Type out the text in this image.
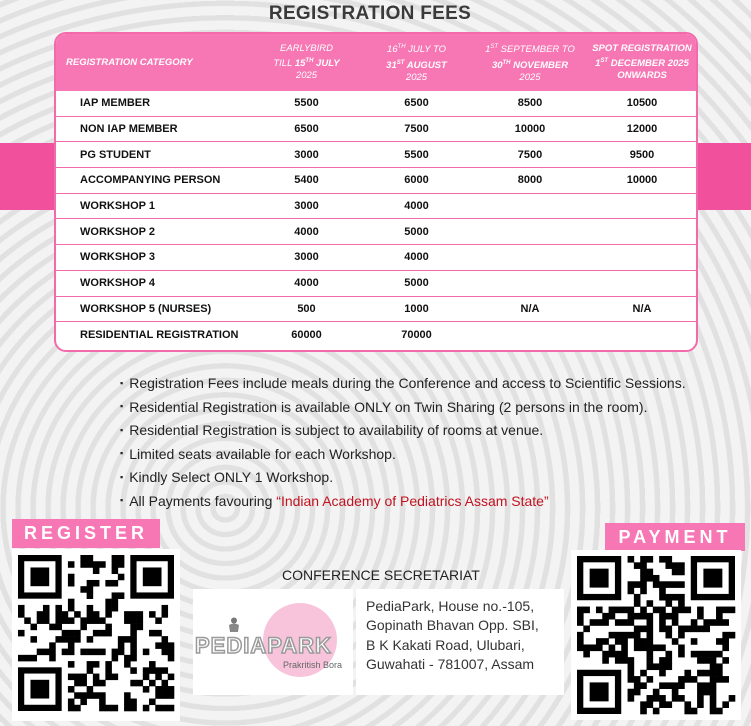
REGISTRATION FEES
REGISTRATION CATEGORY	EARLYBIRD
TILL 15TH JULY
2025	16TH JULY TO
31ST AUGUST
2025	1ST SEPTEMBER TO
30TH NOVEMBER
2025	SPOT REGISTRATION
1ST DECEMBER 2025
ONWARDS
IAP MEMBER	5500	6500	8500	10500
NON IAP MEMBER	6500	7500	10000	12000
PG STUDENT	3000	5500	7500	9500
ACCOMPANYING PERSON	5400	6000	8000	10000
WORKSHOP 1	3000	4000		
WORKSHOP 2	4000	5000		
WORKSHOP 3	3000	4000		
WORKSHOP 4	4000	5000		
WORKSHOP 5 (NURSES)	500	1000	N/A	N/A
RESIDENTIAL REGISTRATION	60000	70000		
▪ Registration Fees include meals during the Conference and access to Scientific Sessions.
▪ Residential Registration is available ONLY on Twin Sharing (2 persons in the room).
▪ Residential Registration is subject to availability of rooms at venue.
▪ Limited seats available for each Workshop.
▪ Kindly Select ONLY 1 Workshop.
▪ All Payments favouring “Indian Academy of Pediatrics Assam State”
REGISTER	PAYMENT
CONFERENCE SECRETARIAT
PEDIAPARK
Prakritish Bora
PediaPark, House no.-105,
Gopinath Bhavan Opp. SBI,
B K Kakati Road, Ulubari,
Guwahati - 781007, Assam
